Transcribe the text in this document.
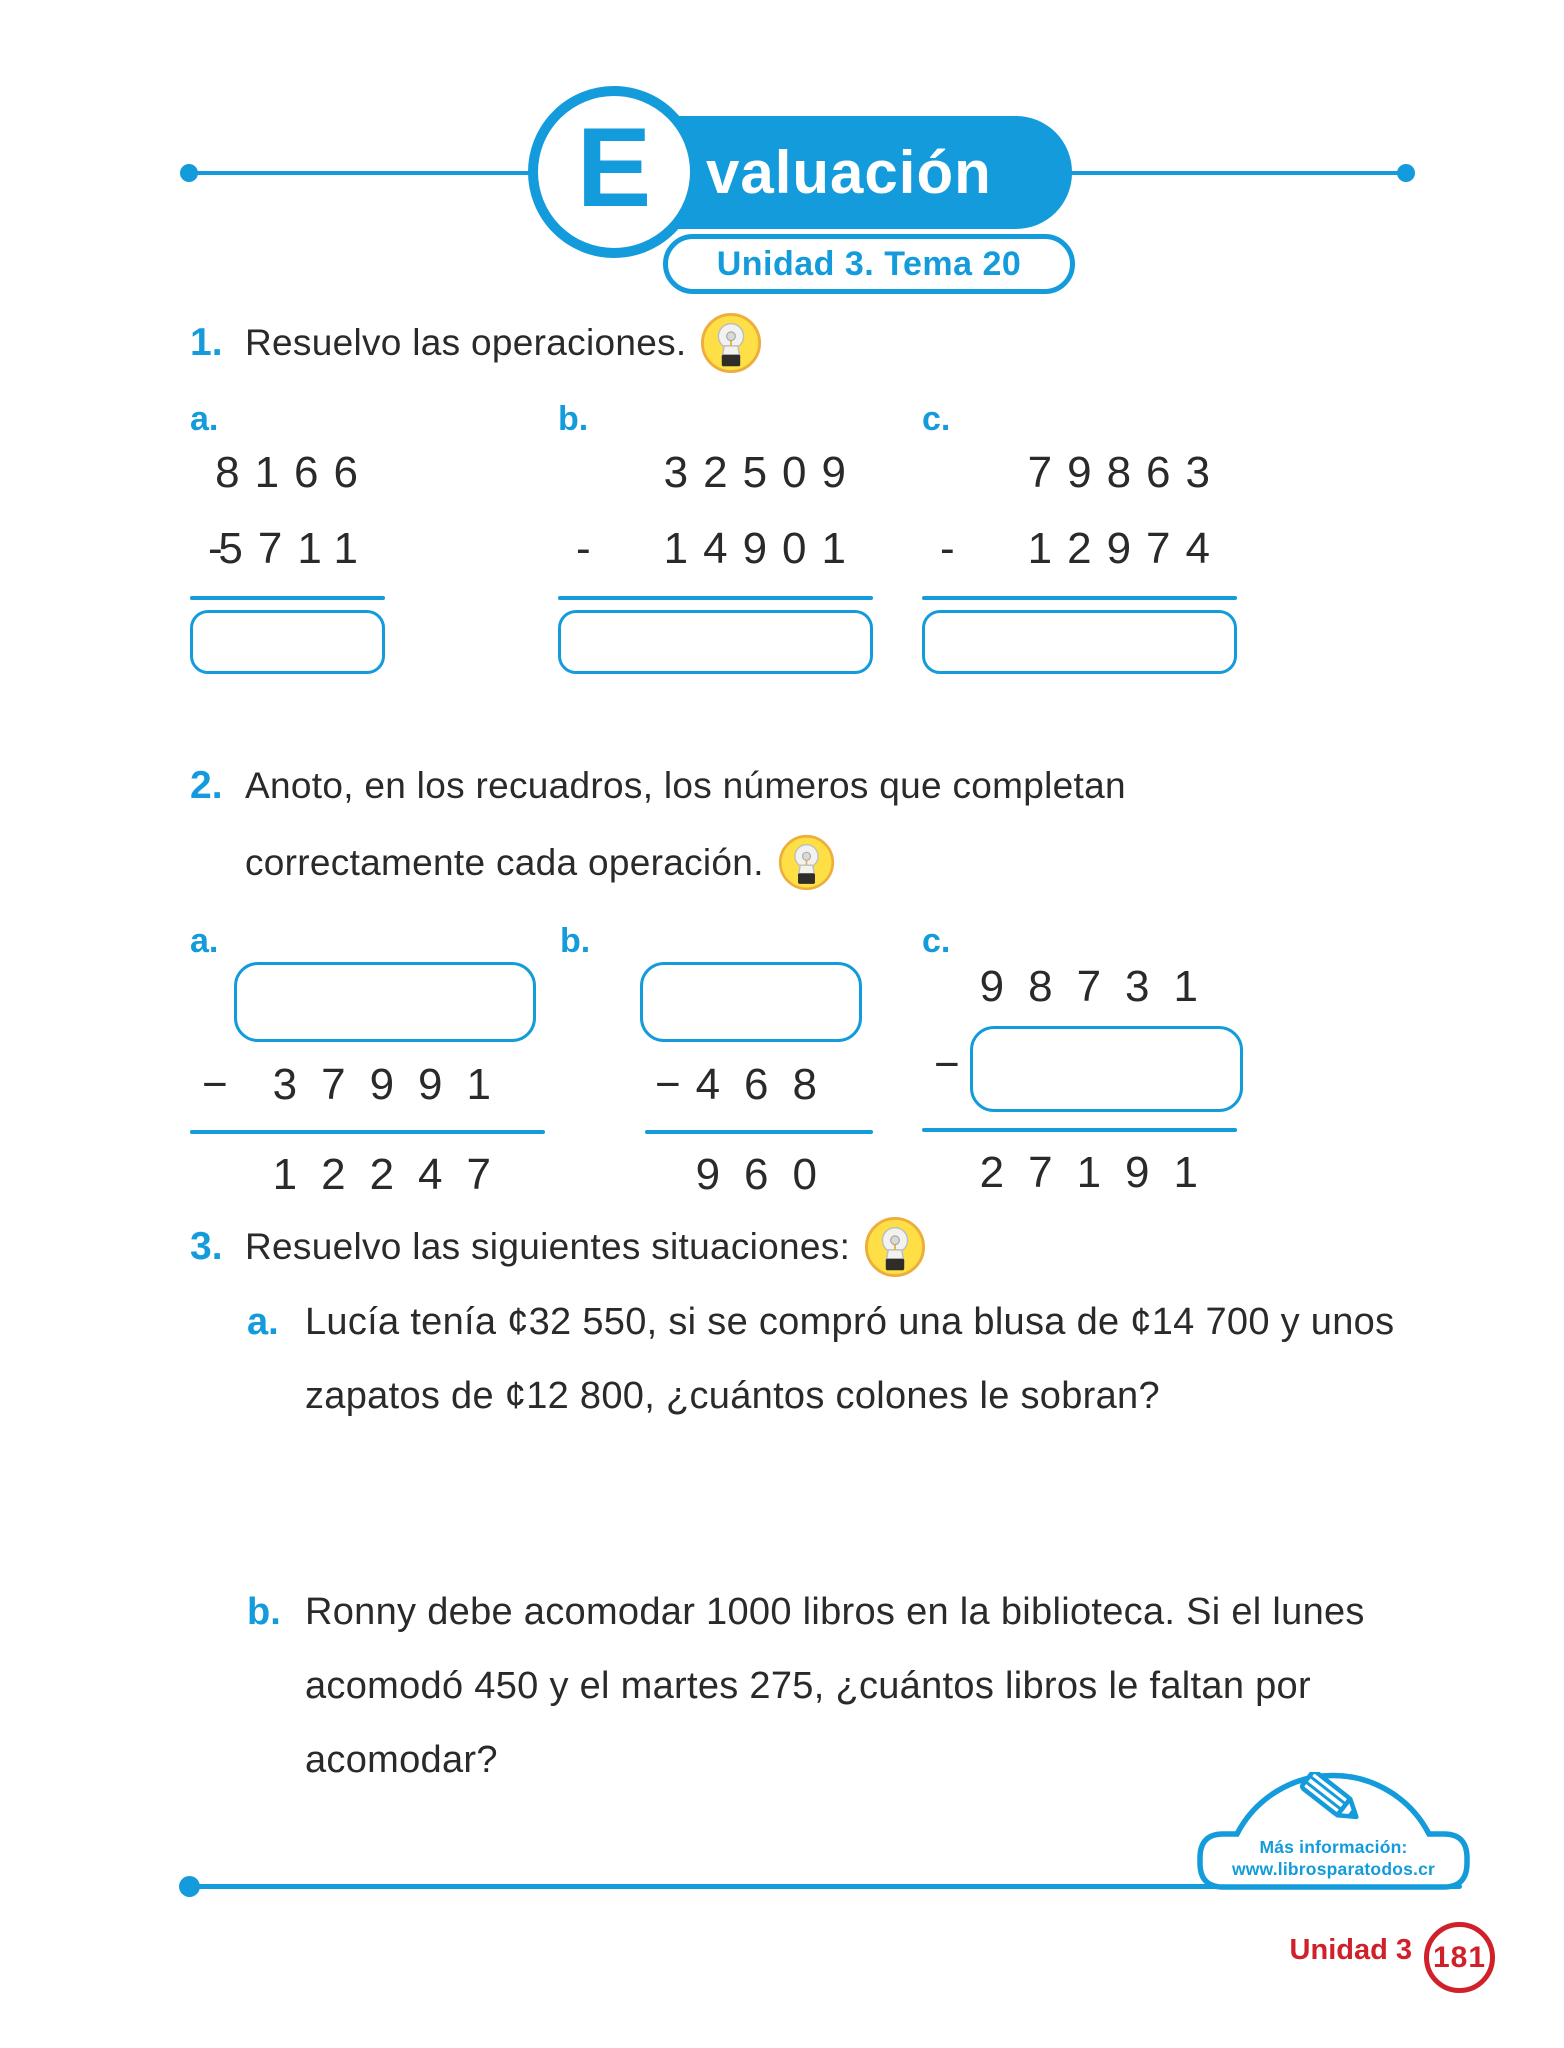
valuación
E
Unidad 3. Tema 20
1. Resuelvo las operaciones.
a.
8166
-
5711
b.
32509
- 14901
c.
79863
- 12974
2. Anoto, en los recuadros, los números que completan
correctamente cada operación.
a.
− 37991
12247
b.
− 468
960
c.
98731
−
27191
3. Resuelvo las siguientes situaciones:
a. Lucía tenía ¢32 550, si se compró una blusa de ¢14 700 y unos
zapatos de ¢12 800, ¿cuántos colones le sobran?
b. Ronny debe acomodar 1000 libros en la biblioteca. Si el lunes
acomodó 450 y el martes 275, ¿cuántos libros le faltan por
acomodar?
Más información:
www.librosparatodos.cr
Unidad 3 181
